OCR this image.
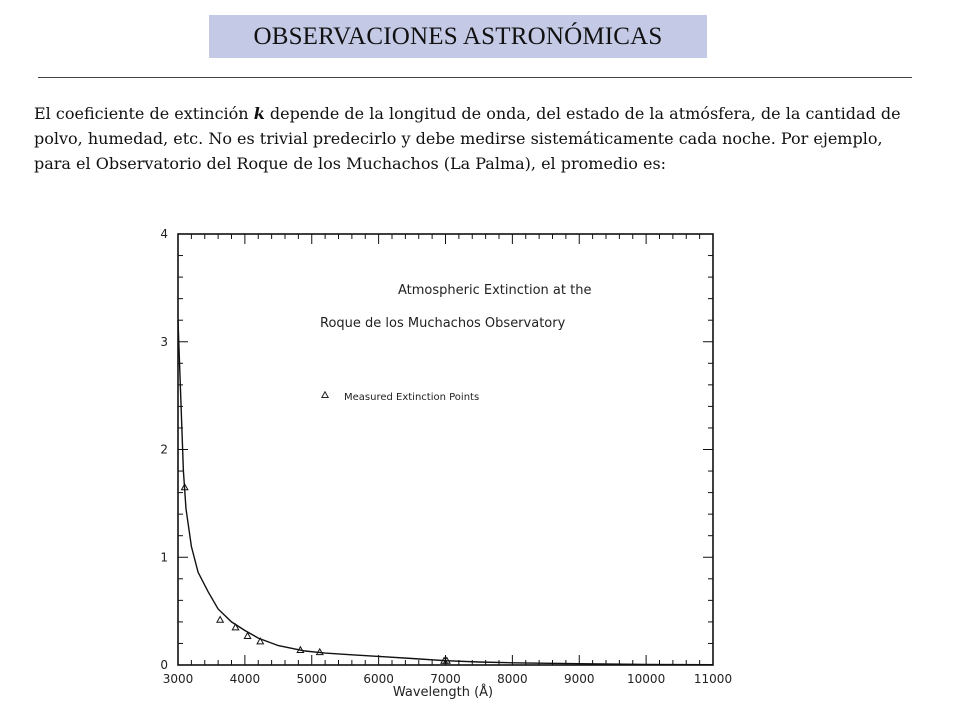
OBSERVACIONES ASTRONÓMICAS
El coeficiente de extinción k depende de la longitud de onda, del estado de la atmósfera, de la cantidad de polvo, humedad, etc. No es trivial predecirlo y debe medirse sistemáticamente cada noche. Por ejemplo, para el Observatorio del Roque de los Muchachos (La Palma), el promedio es:
3000	4000	5000	6000	7000	8000	9000	10000 11000
0
1
2
3
4
Atmospheric Extinction at the
Roque de los Muchachos Observatory
Measured Extinction Points
Wavelength (Å)
